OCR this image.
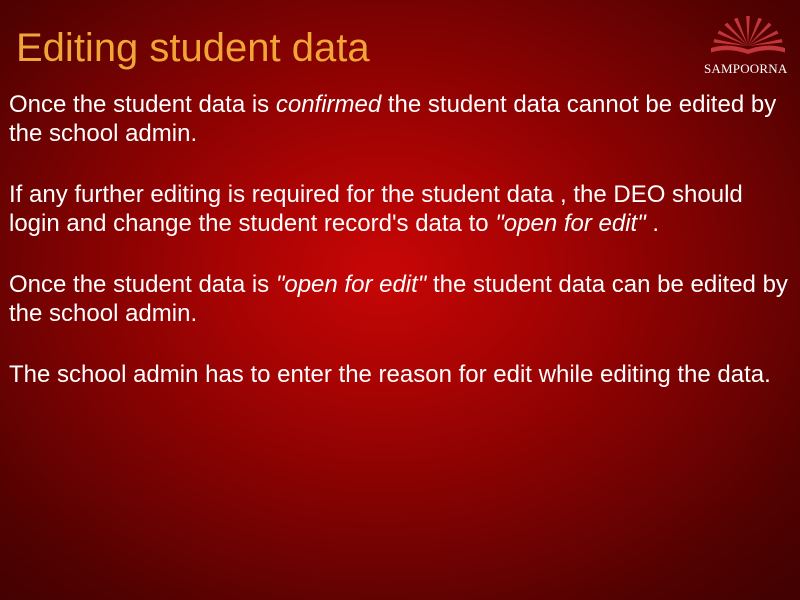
Editing student data	SAMPOORNA

Once the student data is confirmed the student data cannot be edited by the school admin.

If any further editing is required for the student data , the DEO should login and change the student record's data to "open for edit" .

Once the student data is "open for edit" the student data can be edited by the school admin.

The school admin has to enter the reason for edit while editing the data.
